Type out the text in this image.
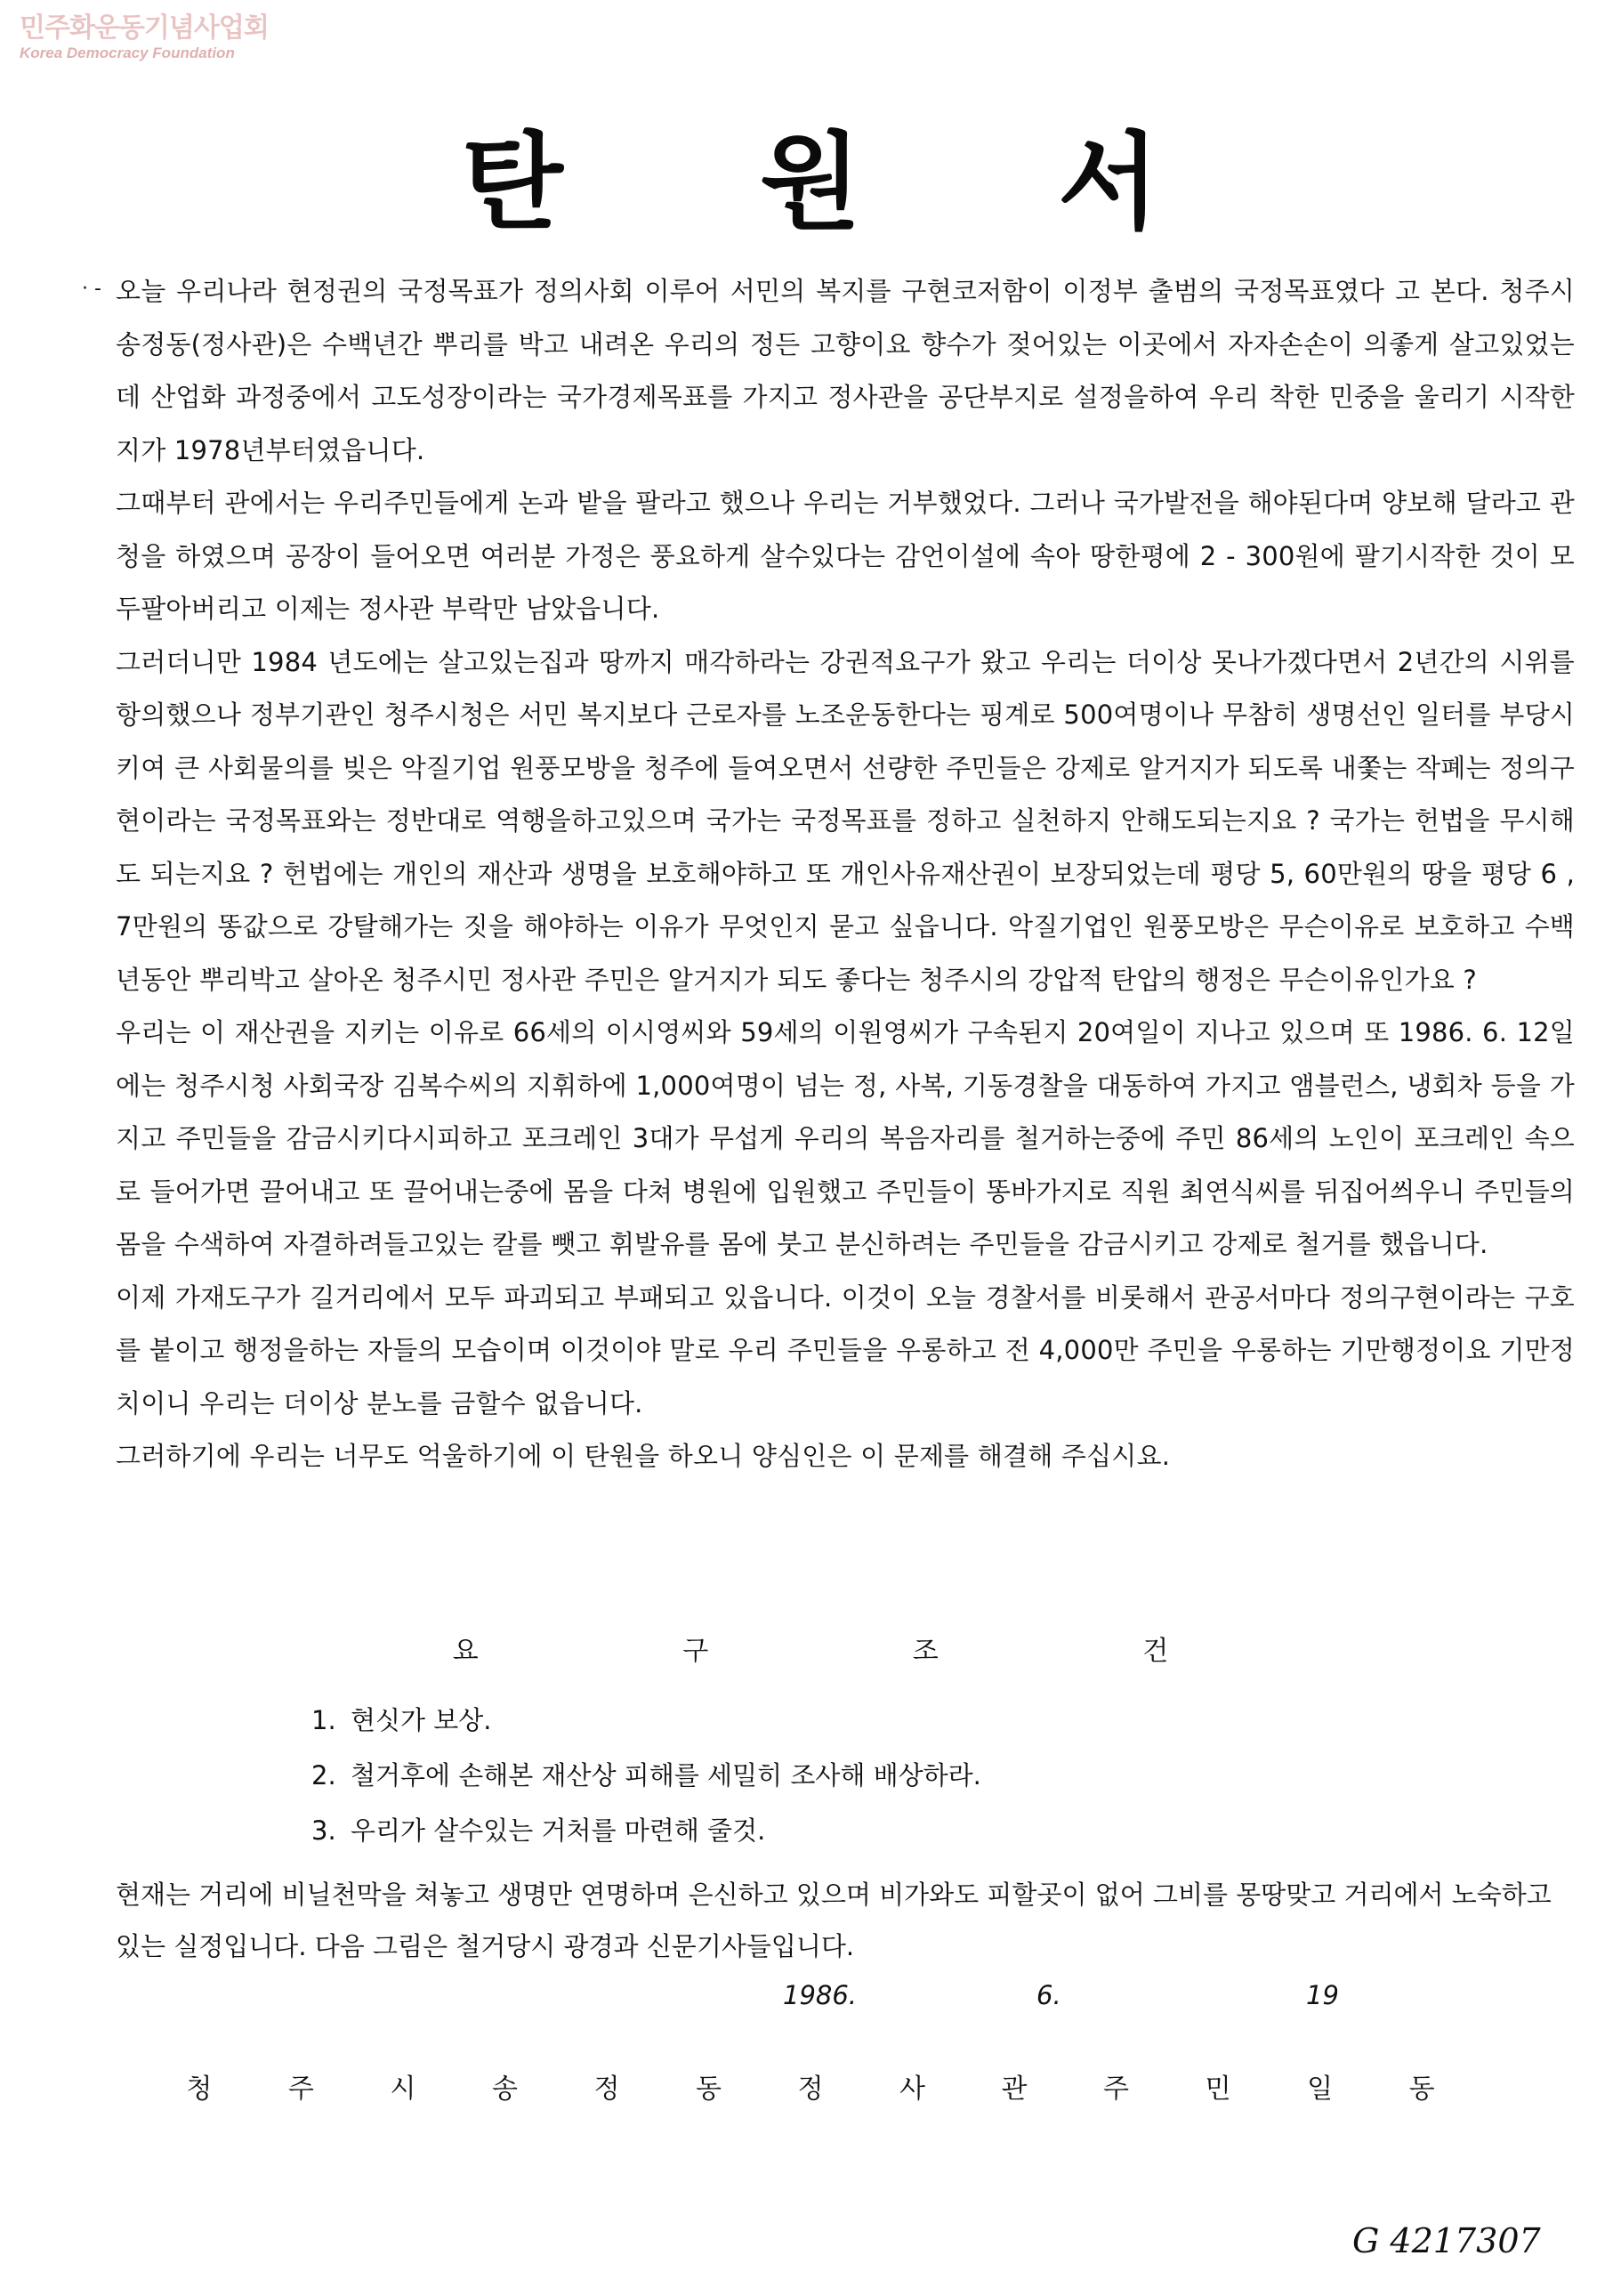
민주화운동기념사업회
Korea Democracy Foundation
탄 원 서
· - 오늘 우리나라 현정권의 국정목표가 정의사회 이루어 서민의 복지를 구현코저함이 이정부 출범의 국정목표였다 고 본다. 청주시 송정동(정사관)은 수백년간 뿌리를 박고 내려온 우리의 정든 고향이요 향수가 젖어있는 이곳에서 자자손손이 의좋게 살고있었는데 산업화 과정중에서 고도성장이라는 국가경제목표를 가지고 정사관을 공단부지로 설정을하여 우리 착한 민중을 울리기 시작한지가 1978년부터였읍니다.

그때부터 관에서는 우리주민들에게 논과 밭을 팔라고 했으나 우리는 거부했었다. 그러나 국가발전을 해야된다며 양보해 달라고 관청을 하였으며 공장이 들어오면 여러분 가정은 풍요하게 살수있다는 감언이설에 속아 땅한평에 2 - 300원에 팔기시작한 것이 모두팔아버리고 이제는 정사관 부락만 남았읍니다.

그러더니만 1984 년도에는 살고있는집과 땅까지 매각하라는 강권적요구가 왔고 우리는 더이상 못나가겠다면서 2년간의 시위를 항의했으나 정부기관인 청주시청은 서민 복지보다 근로자를 노조운동한다는 핑계로 500여명이나 무참히 생명선인 일터를 부당시키여 큰 사회물의를 빚은 악질기업 원풍모방을 청주에 들여오면서 선량한 주민들은 강제로 알거지가 되도록 내쫓는 작폐는 정의구현이라는 국정목표와는 정반대로 역행을하고있으며 국가는 국정목표를 정하고 실천하지 안해도되는지요 ? 국가는 헌법을 무시해도 되는지요 ? 헌법에는 개인의 재산과 생명을 보호해야하고 또 개인사유재산권이 보장되었는데 평당 5, 60만원의 땅을 평당 6 , 7만원의 똥값으로 강탈해가는 짓을 해야하는 이유가 무엇인지 묻고 싶읍니다. 악질기업인 원풍모방은 무슨이유로 보호하고 수백년동안 뿌리박고 살아온 청주시민 정사관 주민은 알거지가 되도 좋다는 청주시의 강압적 탄압의 행정은 무슨이유인가요 ?

우리는 이 재산권을 지키는 이유로 66세의 이시영씨와 59세의 이원영씨가 구속된지 20여일이 지나고 있으며 또 1986. 6. 12일에는 청주시청 사회국장 김복수씨의 지휘하에 1,000여명이 넘는 정, 사복, 기동경찰을 대동하여 가지고 앰블런스, 냉회차 등을 가지고 주민들을 감금시키다시피하고 포크레인 3대가 무섭게 우리의 복음자리를 철거하는중에 주민 86세의 노인이 포크레인 속으로 들어가면 끌어내고 또 끌어내는중에 몸을 다쳐 병원에 입원했고 주민들이 똥바가지로 직원 최연식씨를 뒤집어씌우니 주민들의 몸을 수색하여 자결하려들고있는 칼를 뺏고 휘발유를 몸에 붓고 분신하려는 주민들을 감금시키고 강제로 철거를 했읍니다.

이제 가재도구가 길거리에서 모두 파괴되고 부패되고 있읍니다. 이것이 오늘 경찰서를 비롯해서 관공서마다 정의구현이라는 구호를 붙이고 행정을하는 자들의 모습이며 이것이야 말로 우리 주민들을 우롱하고 전 4,000만 주민을 우롱하는 기만행정이요 기만정치이니 우리는 더이상 분노를 금할수 없읍니다.

그러하기에 우리는 너무도 억울하기에 이 탄원을 하오니 양심인은 이 문제를 해결해 주십시요.

요 구 조 건
1. 현싯가 보상.
2. 철거후에 손해본 재산상 피해를 세밀히 조사해 배상하라.
3. 우리가 살수있는 거처를 마련해 줄것.

현재는 거리에 비닐천막을 쳐놓고 생명만 연명하며 은신하고 있으며 비가와도 피할곳이 없어 그비를 몽땅맞고 거리에서 노숙하고 있는 실정입니다. 다음 그림은 철거당시 광경과 신문기사들입니다.

1986.	6.	19
청 주 시 송 정 동 정 사 관 주 민 일 동
G 4217307
